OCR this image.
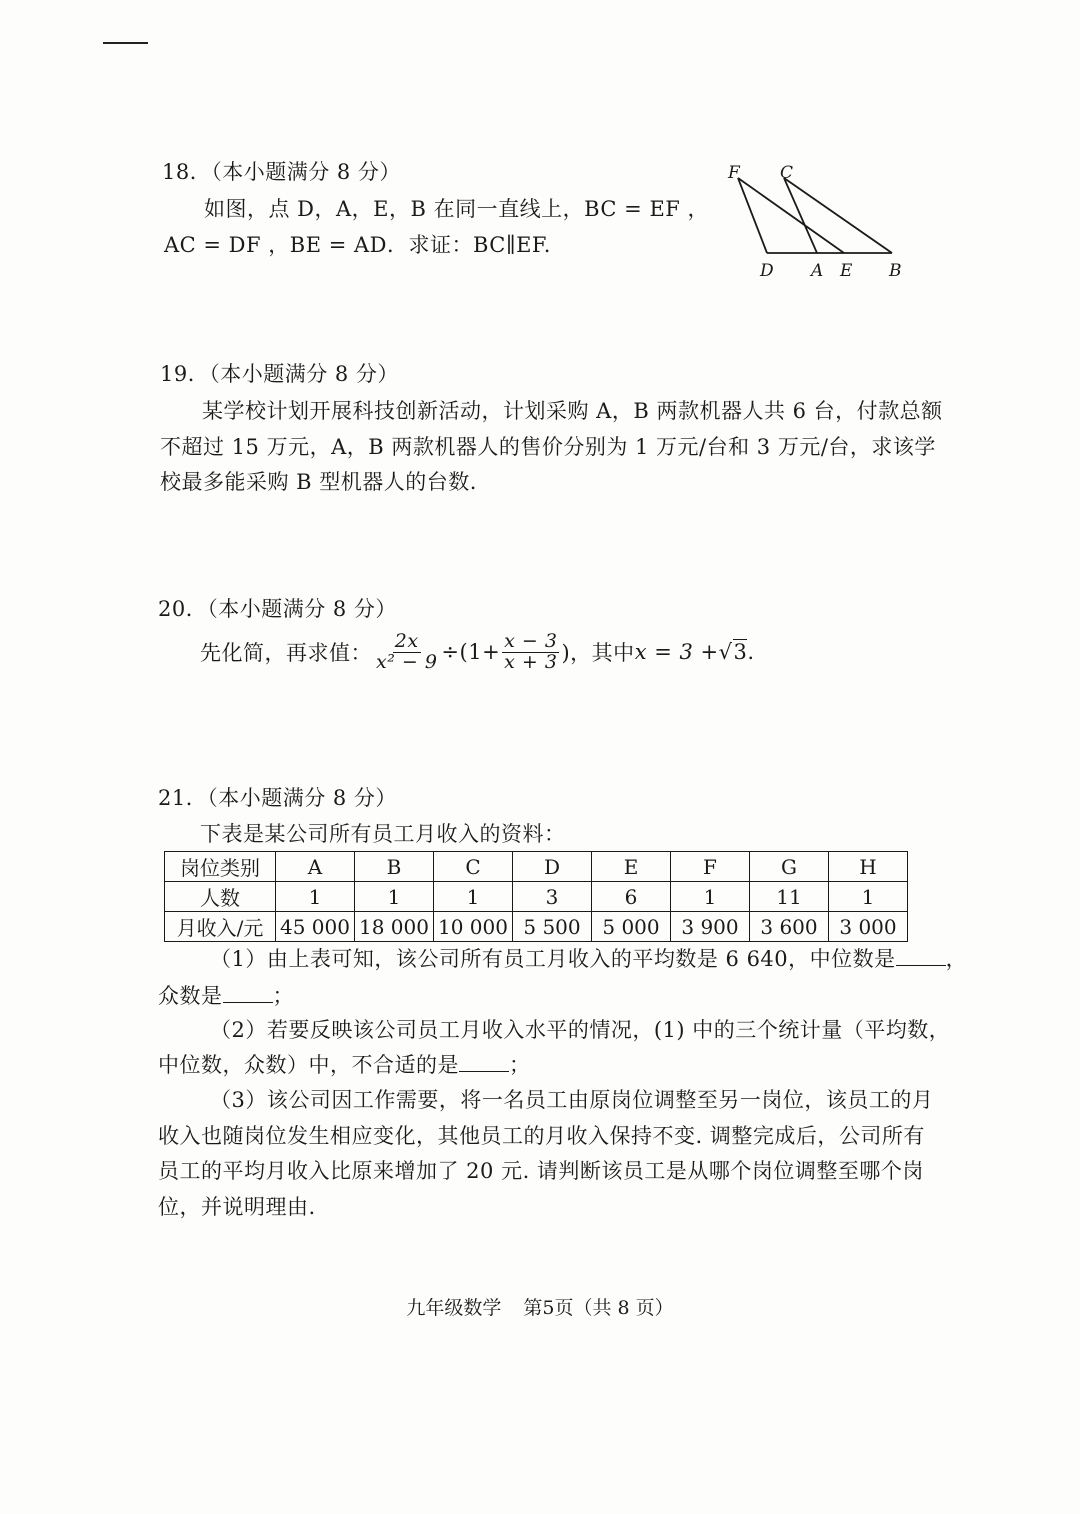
18．（本小题满分 8 分）
如图，点 D，A，E，B 在同一直线上，BC = EF ，
AC = DF ，BE = AD．求证：BC∥EF.
F C
D A E B
19．（本小题满分 8 分）
某学校计划开展科技创新活动，计划采购 A，B 两款机器人共 6 台，付款总额
不超过 15 万元，A，B 两款机器人的售价分别为 1 万元/台和 3 万元/台，求该学
校最多能采购 B 型机器人的台数.
20．（本小题满分 8 分）
先化简，再求值： $\frac{2x}{\text{x² − 9}} \div(1+ \frac{x - 3}{x + 3}$ )，其中 x = 3 + √3 .
21．（本小题满分 8 分）
下表是某公司所有员工月收入的资料：
岗位类别	A	B	C	D	E	F	G	H
人数	1	1	1	3	6	1	11	1
月收入/元	45 000	18 000	10 000	5 500	5 000	3 900	3 600	3 000
（1）由上表可知，该公司所有员工月收入的平均数是 6 640，中位数是 ，
众数是 ；
（2）若要反映该公司员工月收入水平的情况，(1) 中的三个统计量（平均数，
中位数，众数）中，不合适的是 ；
（3）该公司因工作需要，将一名员工由原岗位调整至另一岗位，该员工的月
收入也随岗位发生相应变化，其他员工的月收入保持不变. 调整完成后，公司所有
员工的平均月收入比原来增加了 20 元. 请判断该员工是从哪个岗位调整至哪个岗
位，并说明理由.
九年级数学 第5页（共 8 页）
